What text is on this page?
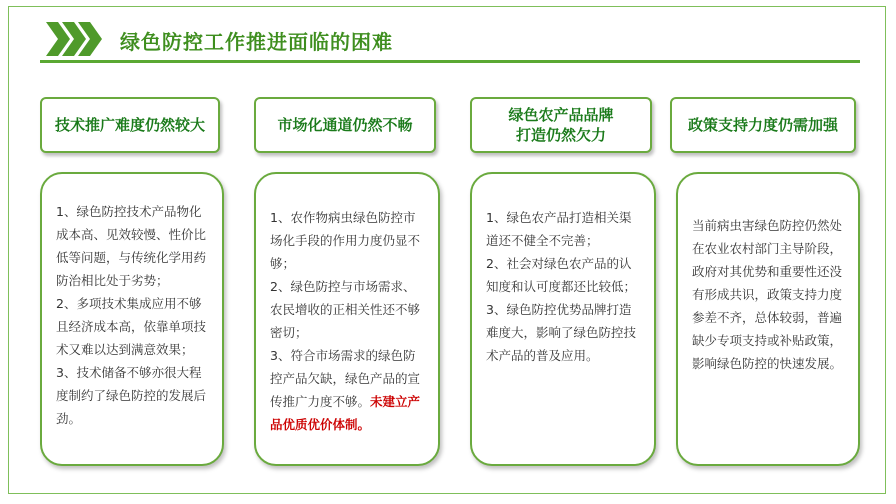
绿色防控工作推进面临的困难
技术推广难度仍然较大

1、绿色防控技术产品物化成本高、见效较慢、性价比低等问题，与传统化学用药防治相比处于劣势；

2、多项技术集成应用不够且经济成本高，依靠单项技术又难以达到满意效果；

3、技术储备不够亦很大程度制约了绿色防控的发展后劲。

市场化通道仍然不畅

1、农作物病虫绿色防控市场化手段的作用力度仍显不够；

2、绿色防控与市场需求、农民增收的正相关性还不够密切；

3、符合市场需求的绿色防控产品欠缺，绿色产品的宣传推广力度不够。未建立产品优质优价体制。

绿色农产品品牌
打造仍然欠力

1、绿色农产品打造相关渠道还不健全不完善；

2、社会对绿色农产品的认知度和认可度都还比较低；

3、绿色防控优势品牌打造难度大，影响了绿色防控技术产品的普及应用。

政策支持力度仍需加强

当前病虫害绿色防控仍然处在农业农村部门主导阶段，政府对其优势和重要性还没有形成共识，政策支持力度参差不齐，总体较弱，普遍缺少专项支持或补贴政策，影响绿色防控的快速发展。
